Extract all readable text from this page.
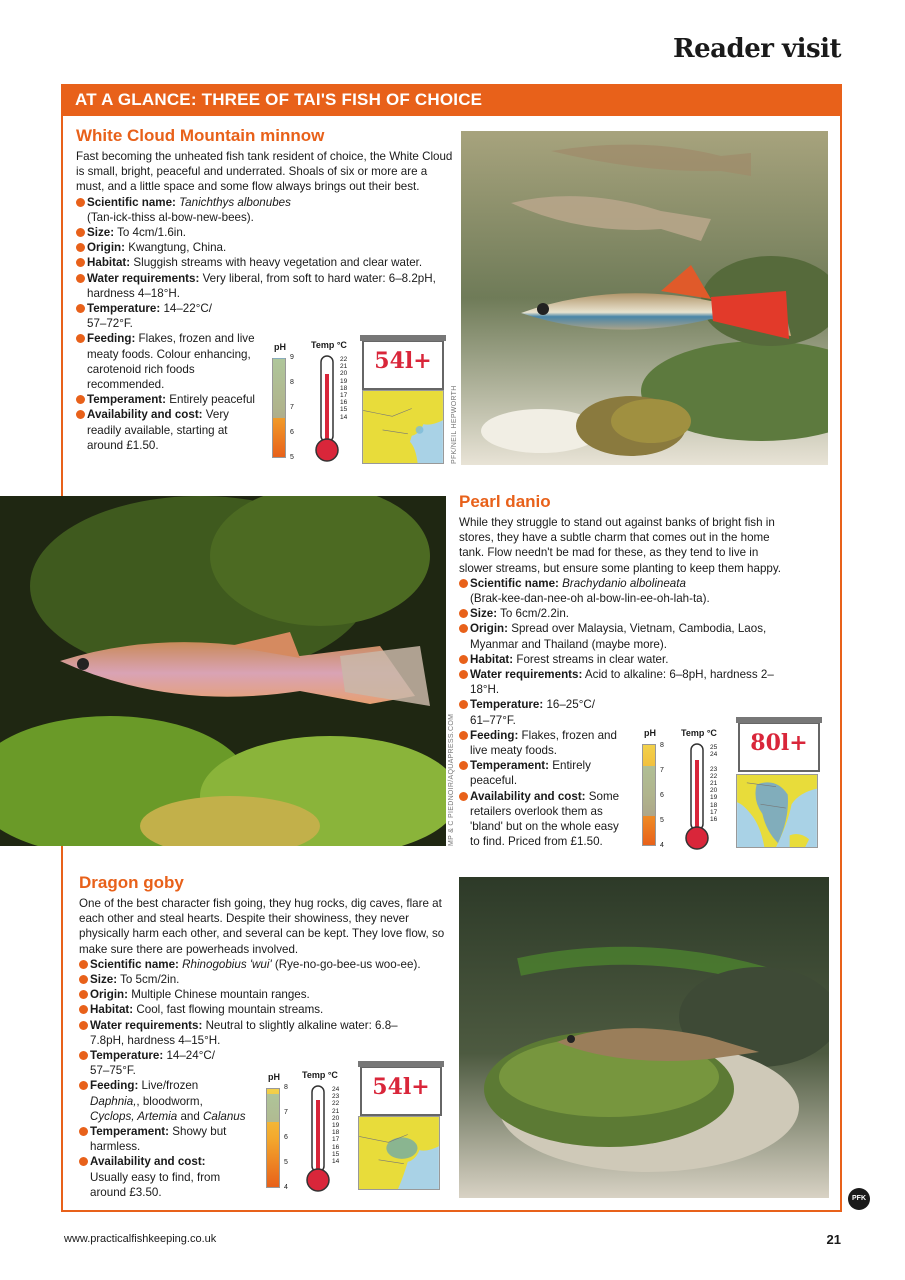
Reader visit
AT A GLANCE: THREE OF TAI'S FISH OF CHOICE
White Cloud Mountain minnow

Fast becoming the unheated fish tank resident of choice, the White Cloud is small, bright, peaceful and underrated. Shoals of six or more are a must, and a little space and some flow always brings out their best.

Scientific name: Tanichthys albonubes
(Tan-ick-thiss al-bow-new-bees).
Size: To 4cm/1.6in.
Origin: Kwangtung, China.
Habitat: Sluggish streams with heavy vegetation and clear water.
Water requirements: Very liberal, from soft to hard water: 6–8.2pH, hardness 4–18°H.
Temperature: 14–22°C/ 57–72°F.
Feeding: Flakes, frozen and live meaty foods. Colour enhancing, carotenoid rich foods recommended.
Temperament: Entirely peaceful
Availability and cost: Very readily available, starting at around £1.50.
pH
9
8
7
6
5
Temp °C
22
21
20
19
18
17
16
15
14
54l+
PFK/NEIL HEPWORTH
MP & C PIEDNOIR/AQUAPRESS.COM
Pearl danio

While they struggle to stand out against banks of bright fish in stores, they have a subtle charm that comes out in the home tank. Flow needn't be mad for these, as they tend to live in slower streams, but ensure some planting to keep them happy.

Scientific name: Brachydanio albolineata
(Brak-kee-dan-nee-oh al-bow-lin-ee-oh-lah-ta).
Size: To 6cm/2.2in.
Origin: Spread over Malaysia, Vietnam, Cambodia, Laos, Myanmar and Thailand (maybe more).
Habitat: Forest streams in clear water.
Water requirements: Acid to alkaline: 6–8pH, hardness 2–18°H.
Temperature: 16–25°C/ 61–77°F.
Feeding: Flakes, frozen and live meaty foods.
Temperament: Entirely peaceful.
Availability and cost: Some retailers overlook them as 'bland' but on the whole easy to find. Priced from £1.50.
pH
8
7
6
5
4
Temp °C
25
24
23
22
21
20
19
18
17
16
80l+
Dragon goby

One of the best character fish going, they hug rocks, dig caves, flare at each other and steal hearts. Despite their showiness, they never physically harm each other, and several can be kept. They love flow, so make sure there are powerheads involved.

Scientific name: Rhinogobius 'wui' (Rye-no-go-bee-us woo-ee).
Size: To 5cm/2in.
Origin: Multiple Chinese mountain ranges.
Habitat: Cool, fast flowing mountain streams.
Water requirements: Neutral to slightly alkaline water: 6.8–7.8pH, hardness 4–15°H.
Temperature: 14–24°C/ 57–75°F.
Feeding: Live/frozen
Daphnia,, bloodworm,
Cyclops, Artemia and Calanus
Temperament: Showy but harmless.
Availability and cost:
Usually easy to find, from around £3.50.
pH
8
7
6
5
4
Temp °C
24
23
22
21
20
19
18
17
16
15
14
54l+
www.practicalfishkeeping.co.uk	21
PFK
